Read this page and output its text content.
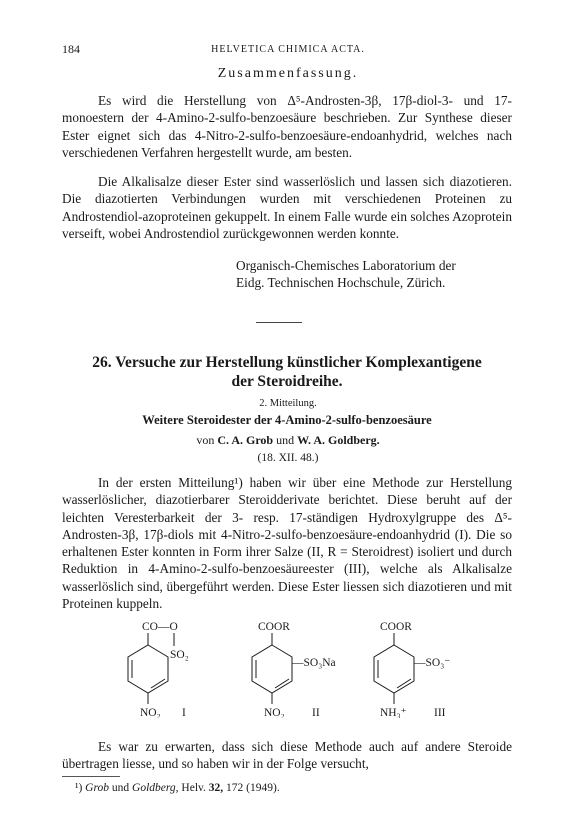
184	HELVETICA CHIMICA ACTA.
Zusammenfassung.

Es wird die Herstellung von Δ⁵-Androsten-3β, 17β-diol-3- und 17-monoestern der 4-Amino-2-sulfo-benzoesäure beschrieben. Zur Synthese dieser Ester eignet sich das 4-Nitro-2-sulfo-benzoesäure-endoanhydrid, welches nach verschiedenen Verfahren hergestellt wurde, am besten.

Die Alkalisalze dieser Ester sind wasserlöslich und lassen sich diazotieren. Die diazotierten Verbindungen wurden mit verschiedenen Proteinen zu Androstendiol-azoproteinen gekuppelt. In einem Falle wurde ein solches Azoprotein verseift, wobei Androstendiol zurückgewonnen werden konnte.

Organisch-Chemisches Laboratorium der
Eidg. Technischen Hochschule, Zürich.
26. Versuche zur Herstellung künstlicher Komplexantigene
der Steroidreihe.
2. Mitteilung.
Weitere Steroidester der 4-Amino-2-sulfo-benzoesäure
von C. A. Grob und W. A. Goldberg.
(18. XII. 48.)

In der ersten Mitteilung¹) haben wir über eine Methode zur Herstellung wasserlöslicher, diazotierbarer Steroidderivate berichtet. Diese beruht auf der leichten Veresterbarkeit der 3- resp. 17-ständigen Hydroxylgruppe des Δ⁵-Androsten-3β, 17β-diols mit 4-Nitro-2-sulfo-benzoesäure-endoanhydrid (I). Die so erhaltenen Ester konnten in Form ihrer Salze (II, R = Steroidrest) isoliert und durch Reduktion in 4-Amino-2-sulfo-benzoesäureester (III), welche als Alkalisalze wasserlöslich sind, übergeführt werden. Diese Ester liessen sich diazotieren und mit Proteinen kuppeln.

CO—O
SO₂
NO₂ I
COOR
—SO₃Na
NO₂ II
COOR
—SO₃⁻
NH₃⁺ III

Es war zu erwarten, dass sich diese Methode auch auf andere Steroide übertragen liesse, und so haben wir in der Folge versucht,

¹) Grob und Goldberg, Helv. 32, 172 (1949).
